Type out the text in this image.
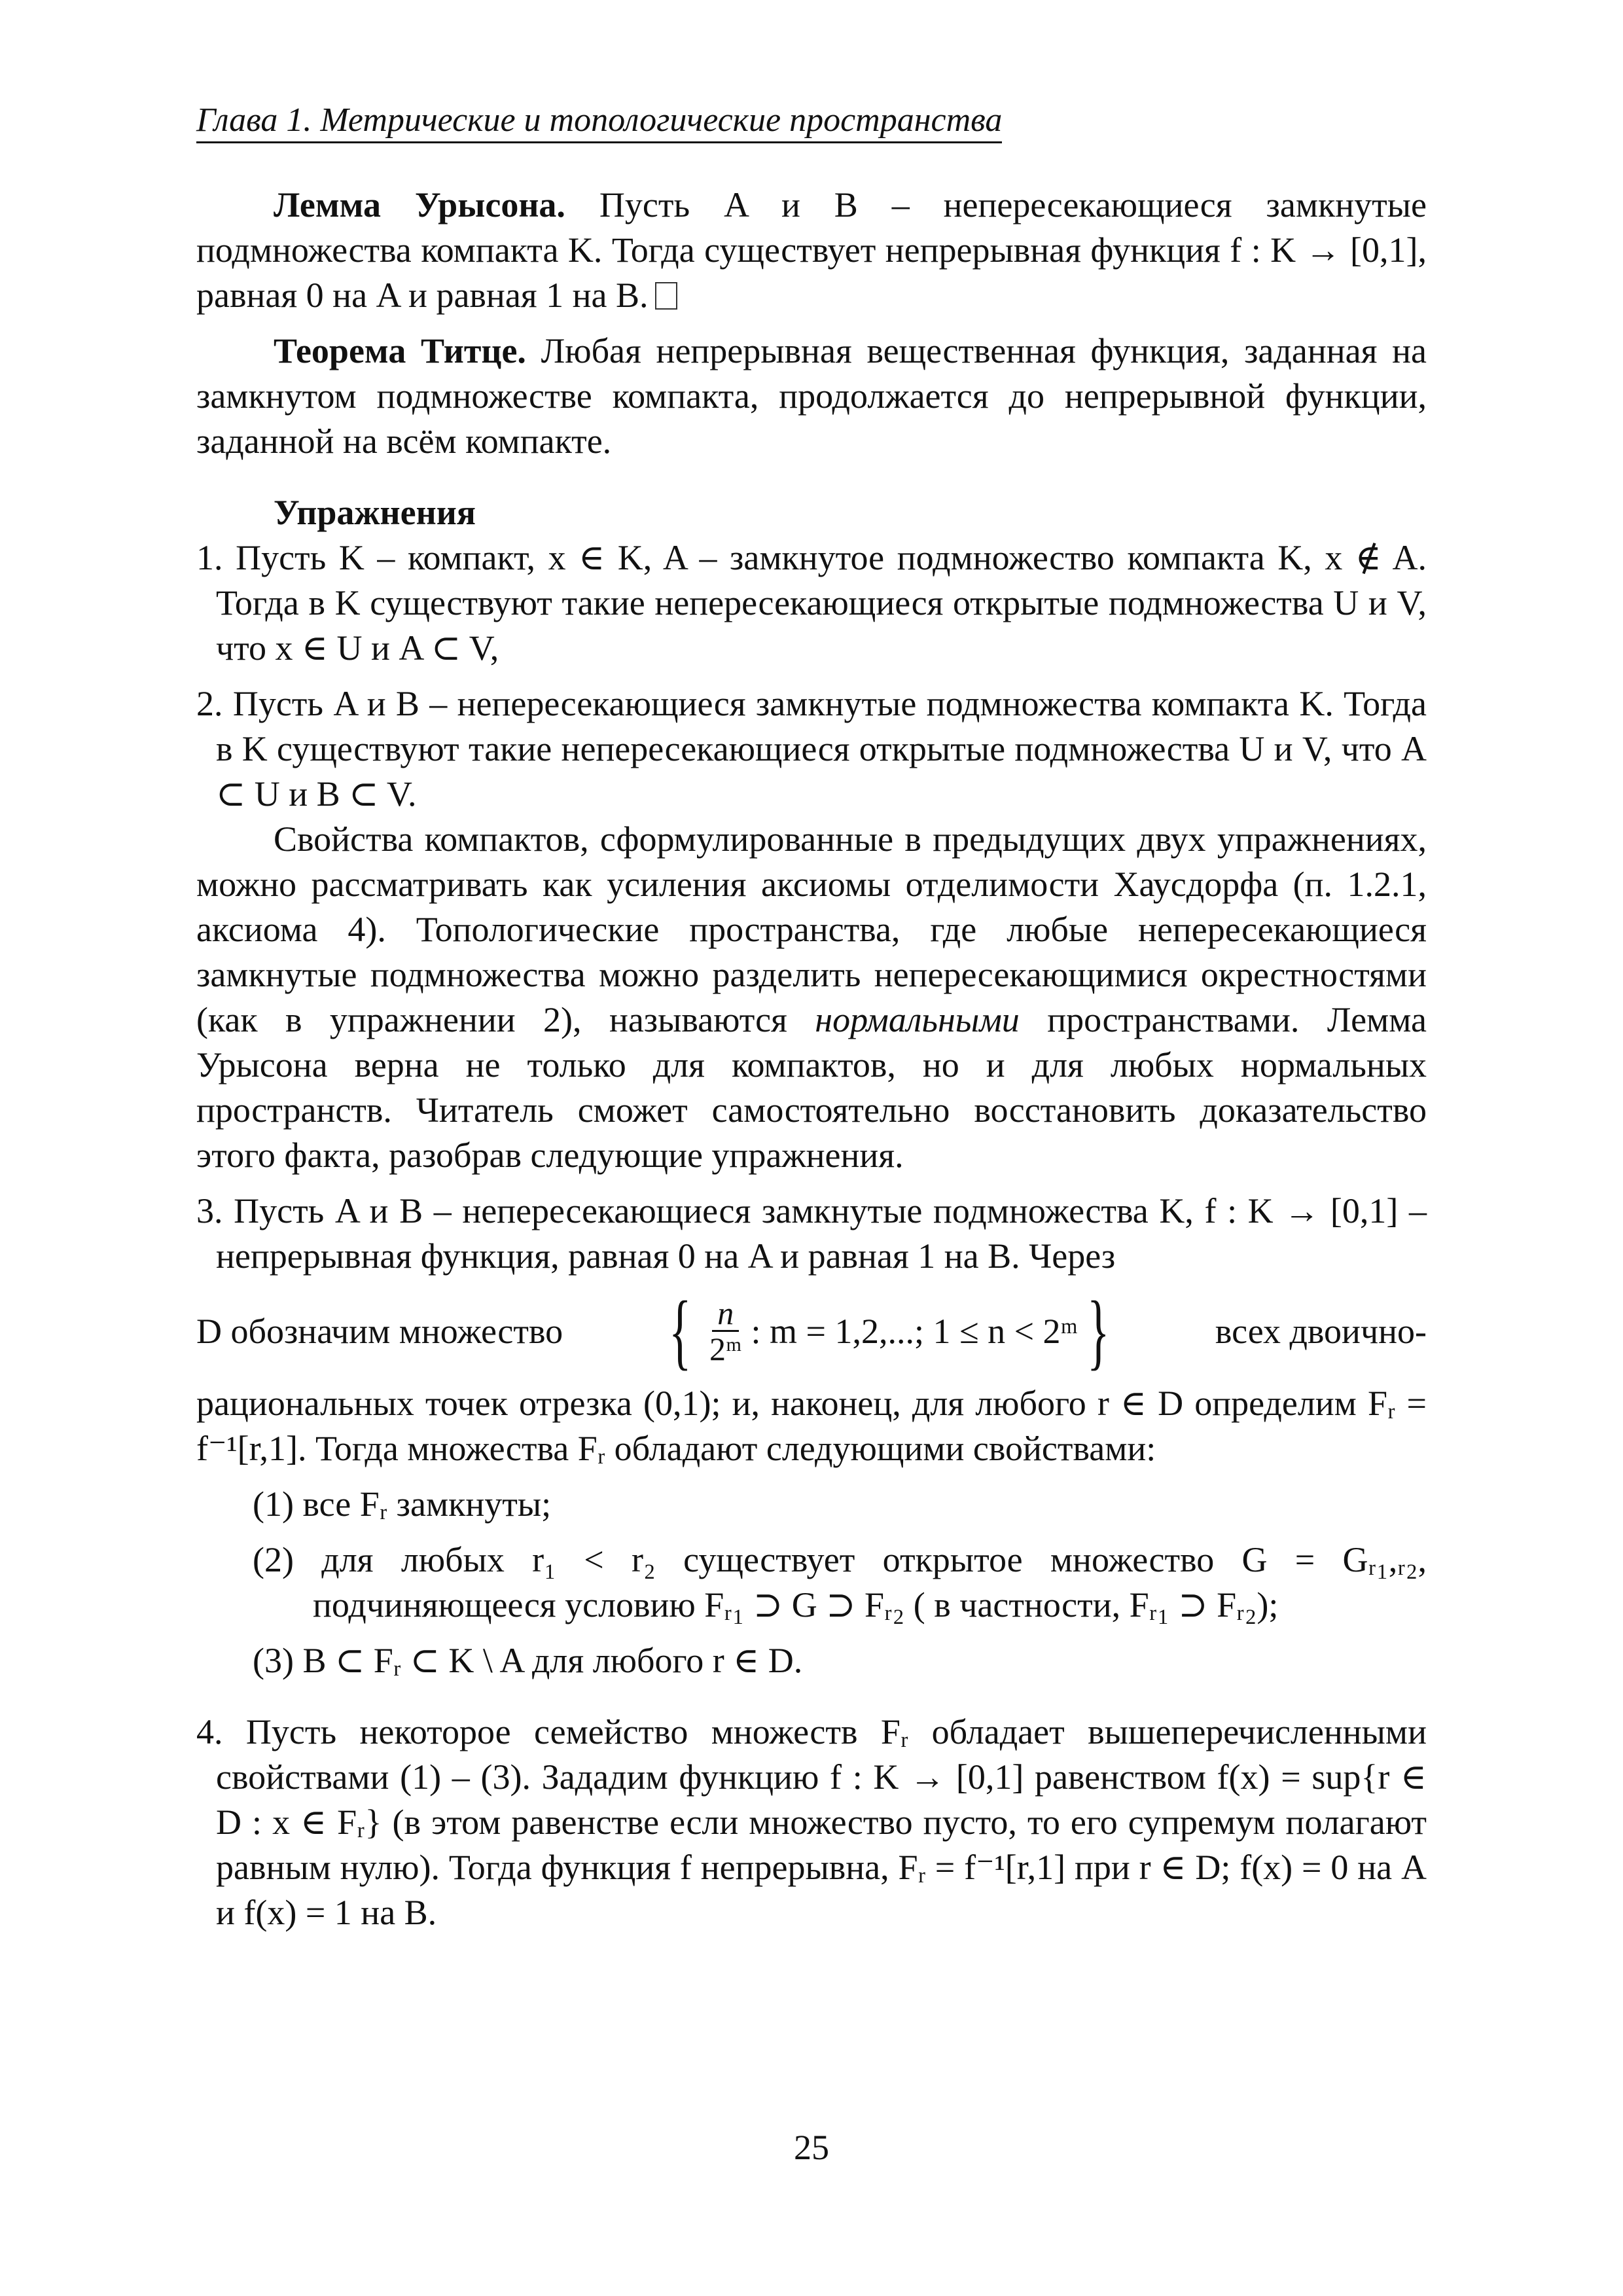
Глава 1. Метрические и топологические пространства

Лемма Урысона. Пусть A и B – непересекающиеся замкнутые подмножества компакта K. Тогда существует непрерывная функция f : K → [0,1], равная 0 на A и равная 1 на B.

Теорема Титце. Любая непрерывная вещественная функция, заданная на замкнутом подмножестве компакта, продолжается до непрерывной функции, заданной на всём компакте.

Упражнения

1. Пусть K – компакт, x ∈ K, A – замкнутое подмножество компакта K, x ∉ A. Тогда в K существуют такие непересекающиеся открытые подмножества U и V, что x ∈ U и A ⊂ V,

2. Пусть A и B – непересекающиеся замкнутые подмножества компакта K. Тогда в K существуют такие непересекающиеся открытые подмножества U и V, что A ⊂ U и B ⊂ V.

Свойства компактов, сформулированные в предыдущих двух упражнениях, можно рассматривать как усиления аксиомы отделимости Хаусдорфа (п. 1.2.1, аксиома 4). Топологические пространства, где любые непересекающиеся замкнутые подмножества можно разделить непересекающимися окрестностями (как в упражнении 2), называются нормальными пространствами. Лемма Урысона верна не только для компактов, но и для любых нормальных пространств. Читатель сможет самостоятельно восстановить доказательство этого факта, разобрав следующие упражнения.

3. Пусть A и B – непересекающиеся замкнутые подмножества K, f : K → [0,1] – непрерывная функция, равная 0 на A и равная 1 на B. Через

D обозначим множество { $\frac{n}{\text{2ᵐ}}$ : m = 1,2,...; 1 ≤ n < 2ᵐ }	всех двоично-

рациональных точек отрезка (0,1); и, наконец, для любого r ∈ D определим Fᵣ = f⁻¹[r,1]. Тогда множества Fᵣ обладают следующими свойствами:

(1) все Fᵣ замкнуты;

(2) для любых r₁ < r₂ существует открытое множество G = Gᵣ₁,ᵣ₂, подчиняющееся условию Fᵣ₁ ⊃ G ⊃ Fᵣ₂ ( в частности, Fᵣ₁ ⊃ Fᵣ₂);

(3) B ⊂ Fᵣ ⊂ K \ A для любого r ∈ D.

4. Пусть некоторое семейство множеств Fᵣ обладает вышеперечисленными свойствами (1) – (3). Зададим функцию f : K → [0,1] равенством f(x) = sup{r ∈ D : x ∈ Fᵣ} (в этом равенстве если множество пусто, то его супремум полагают равным нулю). Тогда функция f непрерывна, Fᵣ = f⁻¹[r,1] при r ∈ D; f(x) = 0 на A и f(x) = 1 на B.

25
